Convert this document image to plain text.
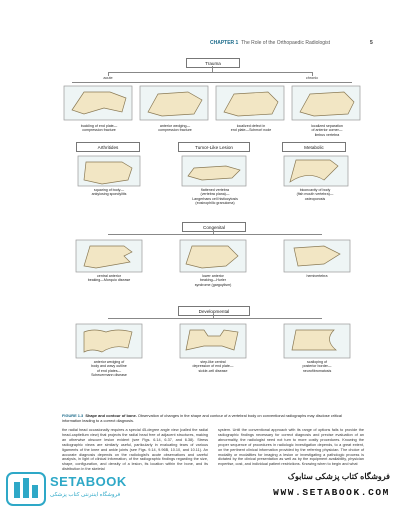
CHAPTER 1 The Role of the Orthopaedic Radiologist	5
Trauma
acute	chronic
buckling of end plate—
compression fracture
anterior wedging—
compression fracture
localized defect in
end plate—Schmorl node
localized separation
of anterior corner—
limbus vertebra
Arthritides	Tumor-Like Lesion	Metabolic
squaring of body—
ankylosing spondylitis
flattened vertebra
(vertebra plana)—
Langerhans cell histiocytosis
(eosinophilic granuloma)
biconcavity of body
(fish mouth vertebra)—
osteoporosis
Congenital
central anterior
beaking—Morquio disease
lower anterior
beaking—Hurler
syndrome (gargoylism)
hemivertebra
Developmental
anterior wedging of
body and wavy outline
of end plates—
Scheuermann disease
step-like central
depression of end plate—
sickle-cell disease
scalloping of
posterior border—
neurofibromatosis
FIGURE 1.3 Shape and contour of bone. Observation of changes in the shape and contour of a vertebral body on conventional radiographs may disclose critical information leading to a correct diagnosis.
the radial head occasionally requires a special 45-degree angle view (called the radial head-capitellum view) that projects the radial head free of adjacent structures, making an otherwise obscure lesion evident (see Figs. 6.14, 6.37, and 6.38). Stress radiographic views are similarly useful, particularly in evaluating tears of various ligaments of the knee and ankle joints (see Figs. 9.14, 9.96B, 10.10, and 10.11). An accurate diagnosis depends on the radiologist's acute observations and careful analysis, in light of clinical information, of the radiographic findings regarding the size, shape, configuration, and density of a lesion, its location within the bone, and its distribution in the skeletal
system. Until the conventional approach with its range of options fails to provide the radiographic findings necessary for correct diagnosis and precise evaluation of an abnormality, the radiologist need not turn to more costly procedures. Knowing the proper sequence of procedures in radiologic investigation depends, to a great extent, on the pertinent clinical information provided by the referring physician. The choice of modality or modalities for imaging a lesion or investigating a pathologic process is dictated by the clinical presentation as well as by the equipment availability, physician expertise, cost, and individual patient restrictions. Knowing when to begin and what
SETABOOK
فروشگاه اینترنتی کتاب پزشکی
فروشگاه کتاب پزشکی ستابوک
WWW.SETABOOK.COM
